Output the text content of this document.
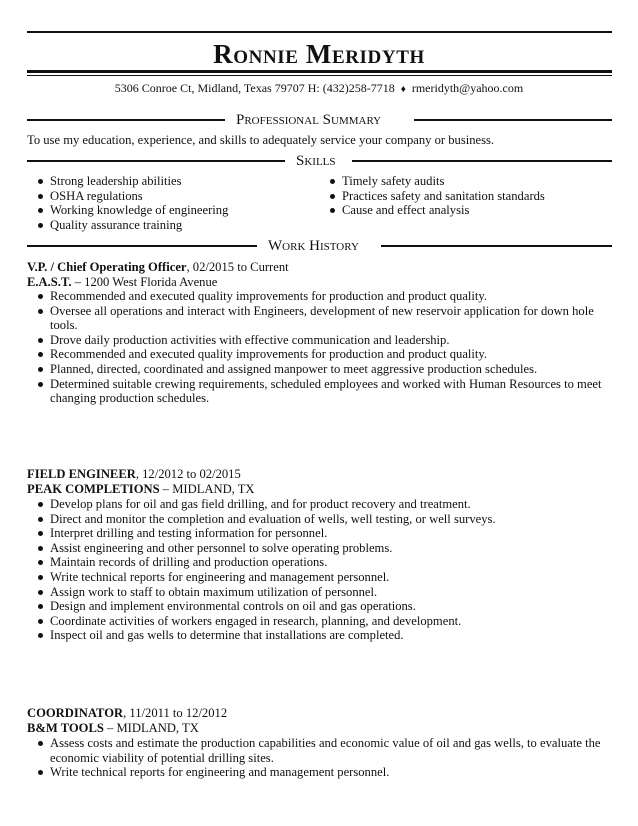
Ronnie Meridyth
5306 Conroe Ct, Midland, Texas 79707 H: (432)258-7718 ♦ rmeridyth@yahoo.com
Professional Summary
To use my education, experience, and skills to adequately service your company or business.
Skills
Strong leadership abilities
OSHA regulations
Working knowledge of engineering
Quality assurance training
Timely safety audits
Practices safety and sanitation standards
Cause and effect analysis
Work History
V.P. / Chief Operating Officer, 02/2015 to Current
E.A.S.T. – 1200 West Florida Avenue
Recommended and executed quality improvements for production and product quality.
Oversee all operations and interact with Engineers, development of new reservoir application for down hole tools.
Drove daily production activities with effective communication and leadership.
Recommended and executed quality improvements for production and product quality.
Planned, directed, coordinated and assigned manpower to meet aggressive production schedules.
Determined suitable crewing requirements, scheduled employees and worked with Human Resources to meet changing production schedules.
FIELD ENGINEER, 12/2012 to 02/2015
PEAK COMPLETIONS – MIDLAND, TX
Develop plans for oil and gas field drilling, and for product recovery and treatment.
Direct and monitor the completion and evaluation of wells, well testing, or well surveys.
Interpret drilling and testing information for personnel.
Assist engineering and other personnel to solve operating problems.
Maintain records of drilling and production operations.
Write technical reports for engineering and management personnel.
Assign work to staff to obtain maximum utilization of personnel.
Design and implement environmental controls on oil and gas operations.
Coordinate activities of workers engaged in research, planning, and development.
Inspect oil and gas wells to determine that installations are completed.
COORDINATOR, 11/2011 to 12/2012
B&M TOOLS – MIDLAND, TX
Assess costs and estimate the production capabilities and economic value of oil and gas wells, to evaluate the economic viability of potential drilling sites.
Write technical reports for engineering and management personnel.
